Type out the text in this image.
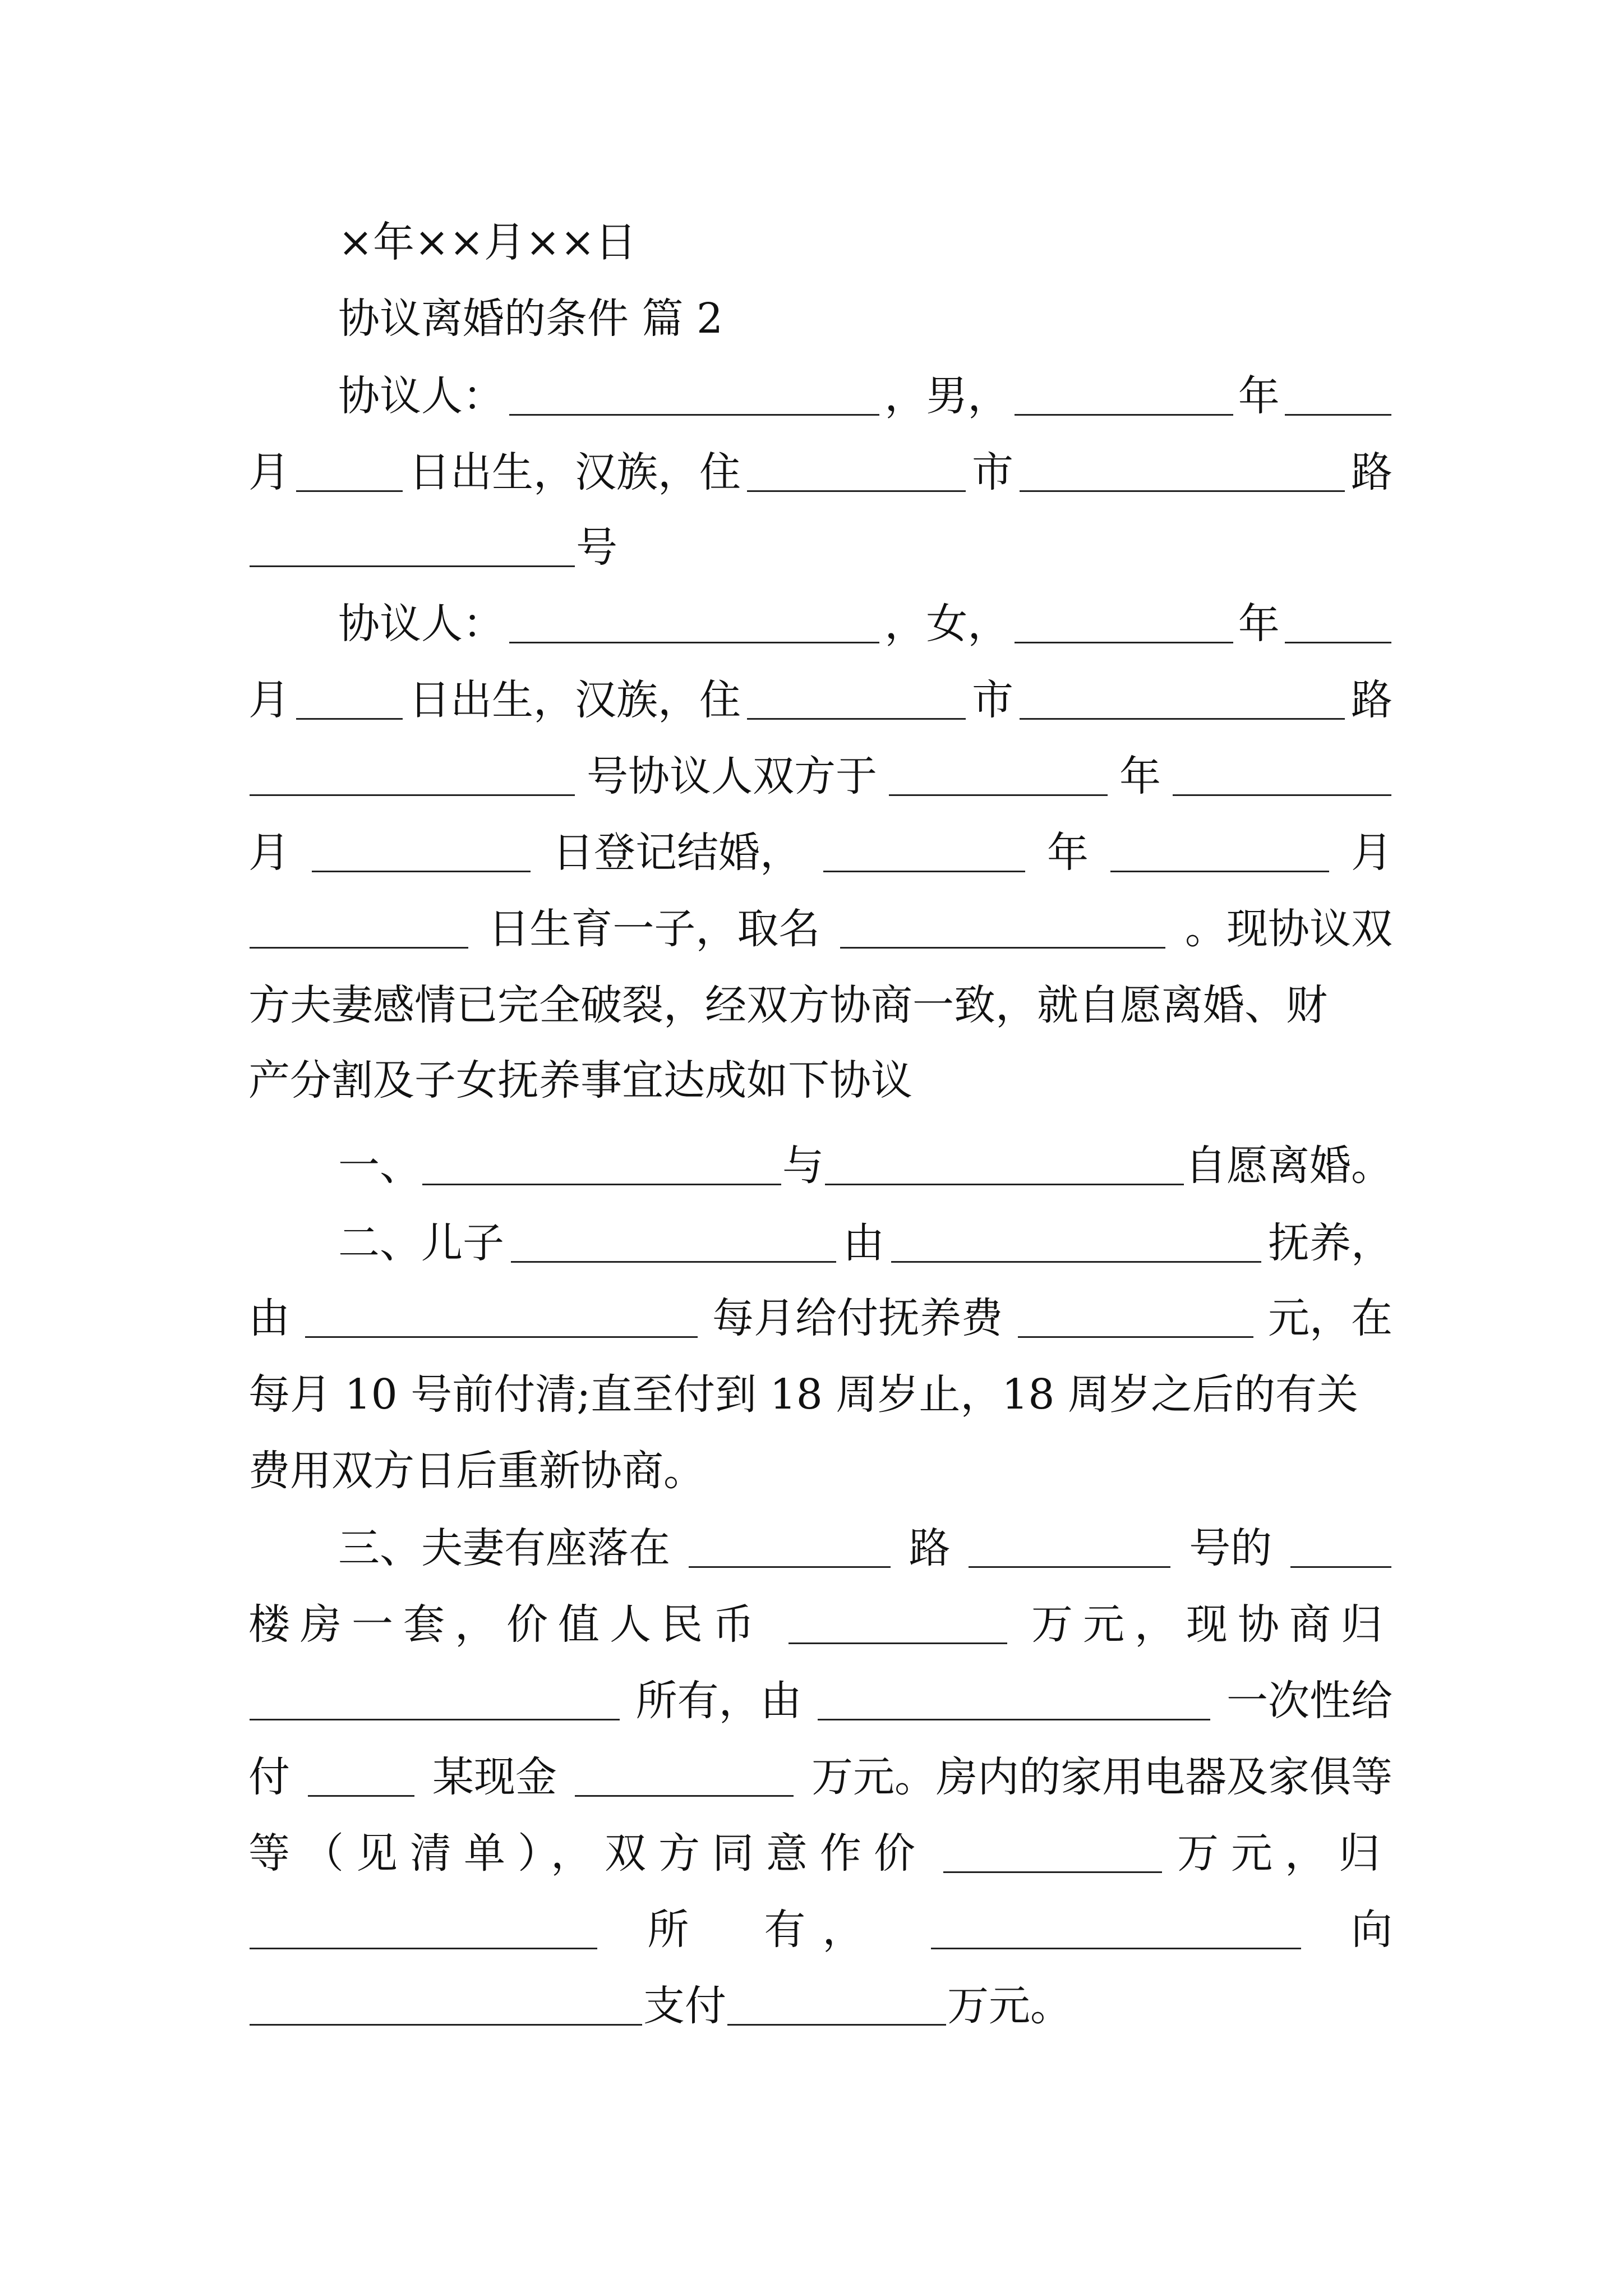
×年××月××日
协议离婚的条件 篇 2
协议人：	，男，	年
月	日出生，汉族，住	市	路
号
协议人：	，女，	年
月	日出生，汉族，住	市	路
号协议人双方于	年
月	日登记结婚，	年	月
日生育一子，取名	。现协议双
方夫妻感情已完全破裂，经双方协商一致，就自愿离婚、财
产分割及子女抚养事宜达成如下协议
一、	与	自愿离婚。
二、儿子	由	抚养，
由	每月给付抚养费	元，在
每月 10 号前付清;直至付到 18 周岁止，18 周岁之后的有关
费用双方日后重新协商。
三、夫妻有座落在	路	号的
楼房一套，价值人民币	万元，现协商归
所有，由	一次性给
付	某现金	万元。房内的家用电器及家俱等
等（见清单），双方同意作价	万元，归
所　有，	向
支付	万元。
